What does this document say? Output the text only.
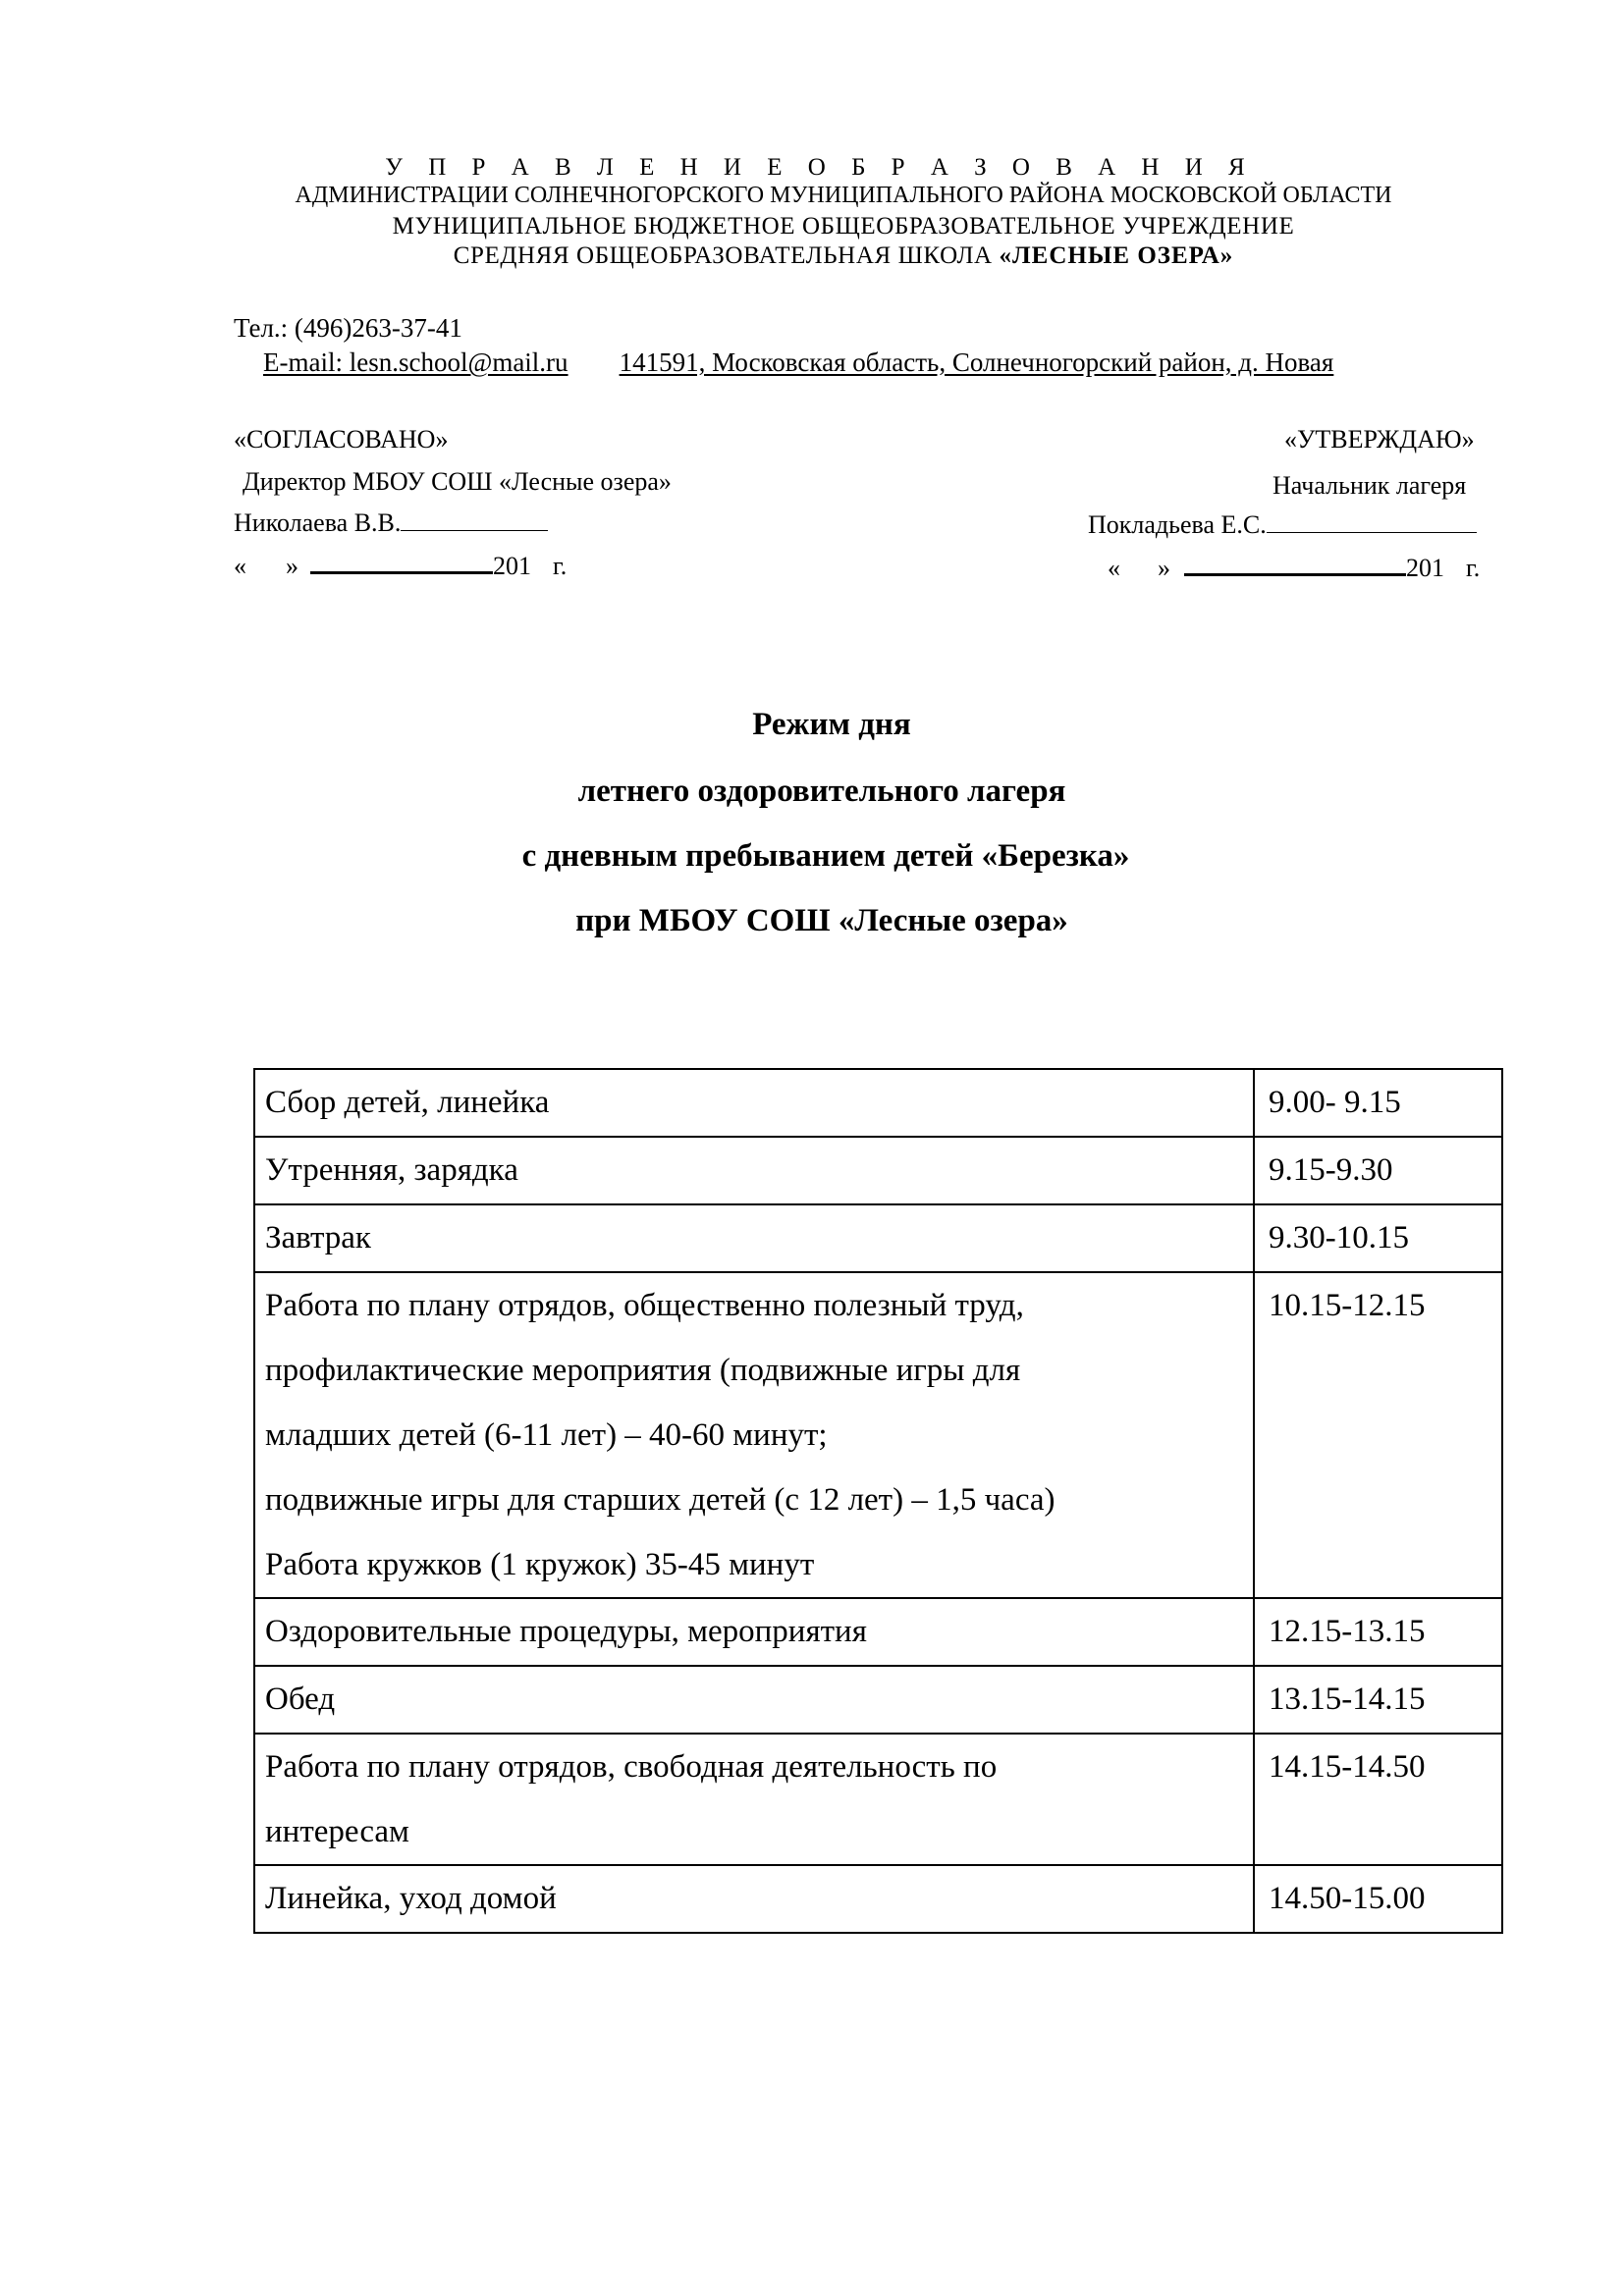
У П Р А В Л Е Н И Е О Б Р А З О В А Н И Я
АДМИНИСТРАЦИИ СОЛНЕЧНОГОРСКОГО МУНИЦИПАЛЬНОГО РАЙОНА МОСКОВСКОЙ ОБЛАСТИ
МУНИЦИПАЛЬНОЕ БЮДЖЕТНОЕ ОБЩЕОБРАЗОВАТЕЛЬНОЕ УЧРЕЖДЕНИЕ
СРЕДНЯЯ ОБЩЕОБРАЗОВАТЕЛЬНАЯ ШКОЛА «ЛЕСНЫЕ ОЗЕРА»
Тел.: (496)263-37-41
E-mail: lesn.school@mail.ru 141591, Московская область, Солнечногорский район, д. Новая
«СОГЛАСОВАНО»
Директор МБОУ СОШ «Лесные озера»
Николаева В.В.
« »	201 г.
«УТВЕРЖДАЮ»
Начальник лагеря
Покладьева Е.С.
« »	201 г.
Режим дня
летнего оздоровительного лагеря
с дневным пребыванием детей «Березка»
при МБОУ СОШ «Лесные озера»
Сбор детей, линейка	9.00- 9.15

Утренняя, зарядка	9.15-9.30

Завтрак	9.30-10.15

Работа по плану отрядов, общественно полезный труд,
профилактические мероприятия (подвижные игры для
младших детей (6-11 лет) – 40-60 минут;
подвижные игры для старших детей (с 12 лет) – 1,5 часа)
Работа кружков (1 кружок) 35-45 минут	10.15-12.15

Оздоровительные процедуры, мероприятия	12.15-13.15

Обед	13.15-14.15

Работа по плану отрядов, свободная деятельность по
интересам	14.15-14.50

Линейка, уход домой	14.50-15.00
